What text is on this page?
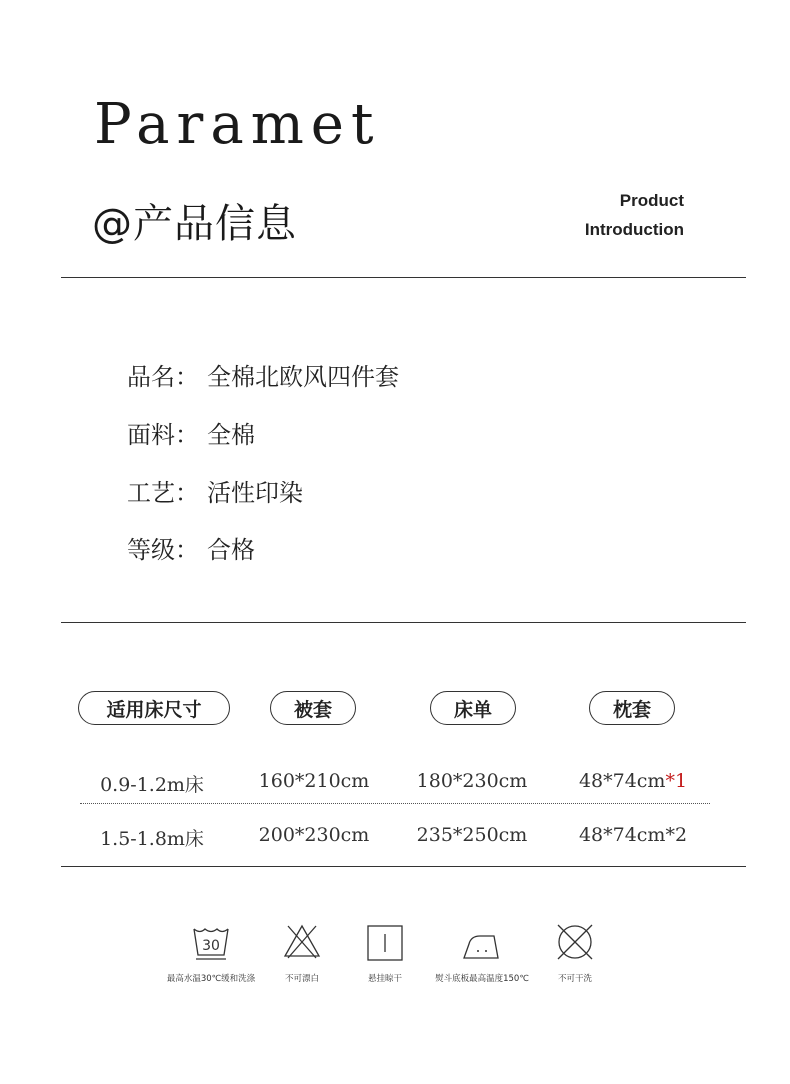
Paramet
@产品信息
Product
Introduction
品名： 全棉北欧风四件套
面料： 全棉
工艺： 活性印染
等级： 合格
适用床尺寸	被套	床单	枕套
0.9-1.2m床	160*210cm	180*230cm	48*74cm*1
1.5-1.8m床	200*230cm	235*250cm	48*74cm*2
30
最高水温30℃缓和洗涤	不可漂白	悬挂晾干	熨斗底板最高温度150℃	不可干洗
